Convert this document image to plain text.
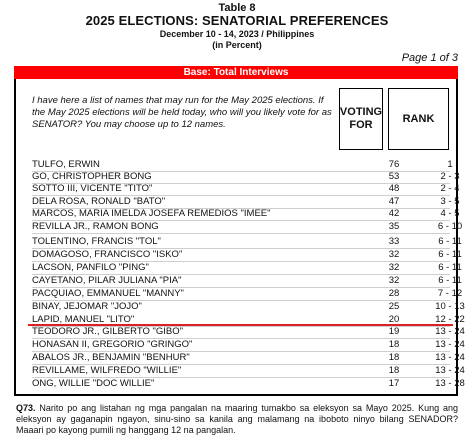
Table 8
2025 ELECTIONS: SENATORIAL PREFERENCES
December 10 - 14, 2023 / Philippines
(in Percent)
Page 1 of 3
Base: Total Interviews
I have here a list of names that may run for the May 2025 elections. If the May 2025 elections will be held today, who will you likely vote for as SENATOR? You may choose up to 12 names.
VOTING FOR	RANK
TULFO, ERWIN	76	1
GO, CHRISTOPHER BONG	53	2 - 3
SOTTO III, VICENTE "TITO"	48	2 - 4
DELA ROSA, RONALD "BATO"	47	3 - 5
MARCOS, MARIA IMELDA JOSEFA REMEDIOS "IMEE"	42	4 - 5
REVILLA JR., RAMON BONG	35	6 - 10
TOLENTINO, FRANCIS "TOL"	33	6 - 11
DOMAGOSO, FRANCISCO "ISKO"	32	6 - 11
LACSON, PANFILO "PING"	32	6 - 11
CAYETANO, PILAR JULIANA "PIA"	32	6 - 11
PACQUIAO, EMMANUEL "MANNY"	28	7 - 12
BINAY, JEJOMAR "JOJO"	25	10 - 13
LAPID, MANUEL "LITO"	20	12 - 22
TEODORO JR., GILBERTO "GIBO"	19	13 - 24
HONASAN II, GREGORIO "GRINGO"	18	13 - 24
ABALOS JR., BENJAMIN "BENHUR"	18	13 - 24
REVILLAME, WILFREDO "WILLIE"	18	13 - 24
ONG, WILLIE "DOC WILLIE"	17	13 - 28
Q73. Narito po ang listahan ng mga pangalan na maaring tumakbo sa eleksyon sa Mayo 2025. Kung ang eleksyon ay gaganapin ngayon, sinu-sino sa kanila ang malamang na iboboto ninyo bilang SENADOR? Maaari po kayong pumili ng hanggang 12 na pangalan.
